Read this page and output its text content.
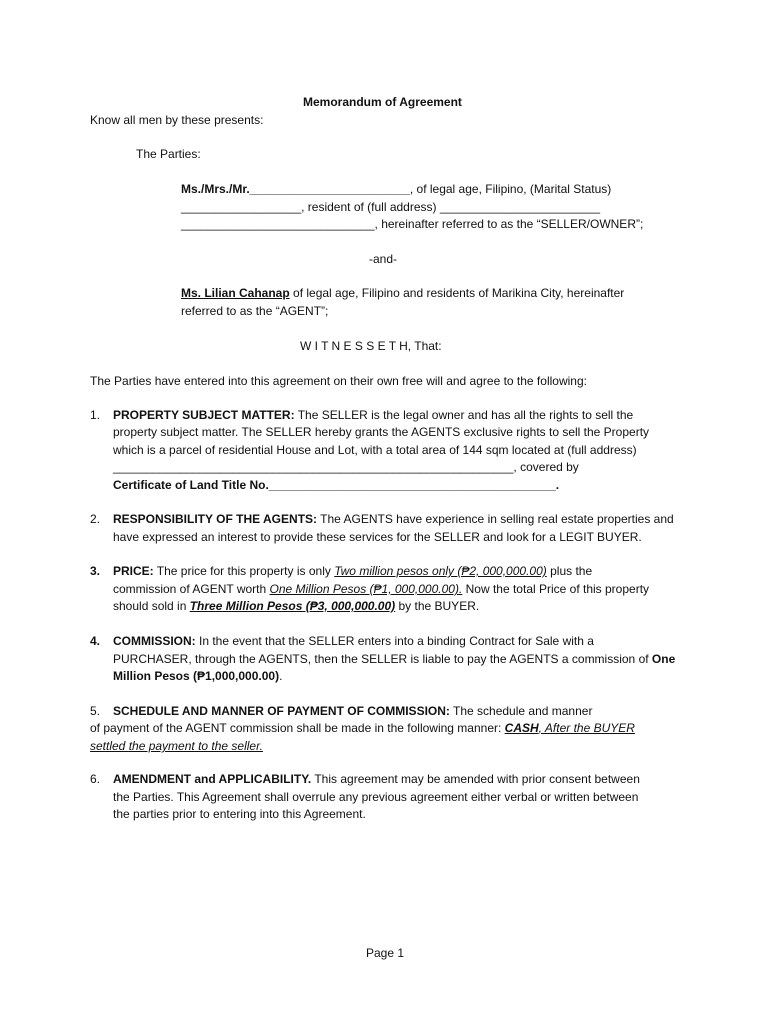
Memorandum of Agreement
Know all men by these presents:
The Parties:
Ms./Mrs./Mr.________________________, of legal age, Filipino, (Marital Status)
__________________, resident of (full address) ________________________
_____________________________, hereinafter referred to as the “SELLER/OWNER”;
-and-
Ms. Lilian Cahanap of legal age, Filipino and residents of Marikina City, hereinafter
referred to as the “AGENT”;
W I T N E S S E T H, That:
The Parties have entered into this agreement on their own free will and agree to the following:
1. PROPERTY SUBJECT MATTER: The SELLER is the legal owner and has all the rights to sell the
property subject matter. The SELLER hereby grants the AGENTS exclusive rights to sell the Property
which is a parcel of residential House and Lot, with a total area of 144 sqm located at (full address)
____________________________________________________________, covered by
Certificate of Land Title No.___________________________________________.
2. RESPONSIBILITY OF THE AGENTS: The AGENTS have experience in selling real estate properties and
have expressed an interest to provide these services for the SELLER and look for a LEGIT BUYER.
3. PRICE: The price for this property is only Two million pesos only (₱2, 000,000.00) plus the
commission of AGENT worth One Million Pesos (₱1, 000,000.00). Now the total Price of this property
should sold in Three Million Pesos (₱3, 000,000.00) by the BUYER.
4. COMMISSION: In the event that the SELLER enters into a binding Contract for Sale with a
PURCHASER, through the AGENTS, then the SELLER is liable to pay the AGENTS a commission of One
Million Pesos (₱1,000,000.00).
5. SCHEDULE AND MANNER OF PAYMENT OF COMMISSION: The schedule and manner
of payment of the AGENT commission shall be made in the following manner: CASH, After the BUYER
settled the payment to the seller.
6. AMENDMENT and APPLICABILITY. This agreement may be amended with prior consent between
the Parties. This Agreement shall overrule any previous agreement either verbal or written between
the parties prior to entering into this Agreement.
Page 1
